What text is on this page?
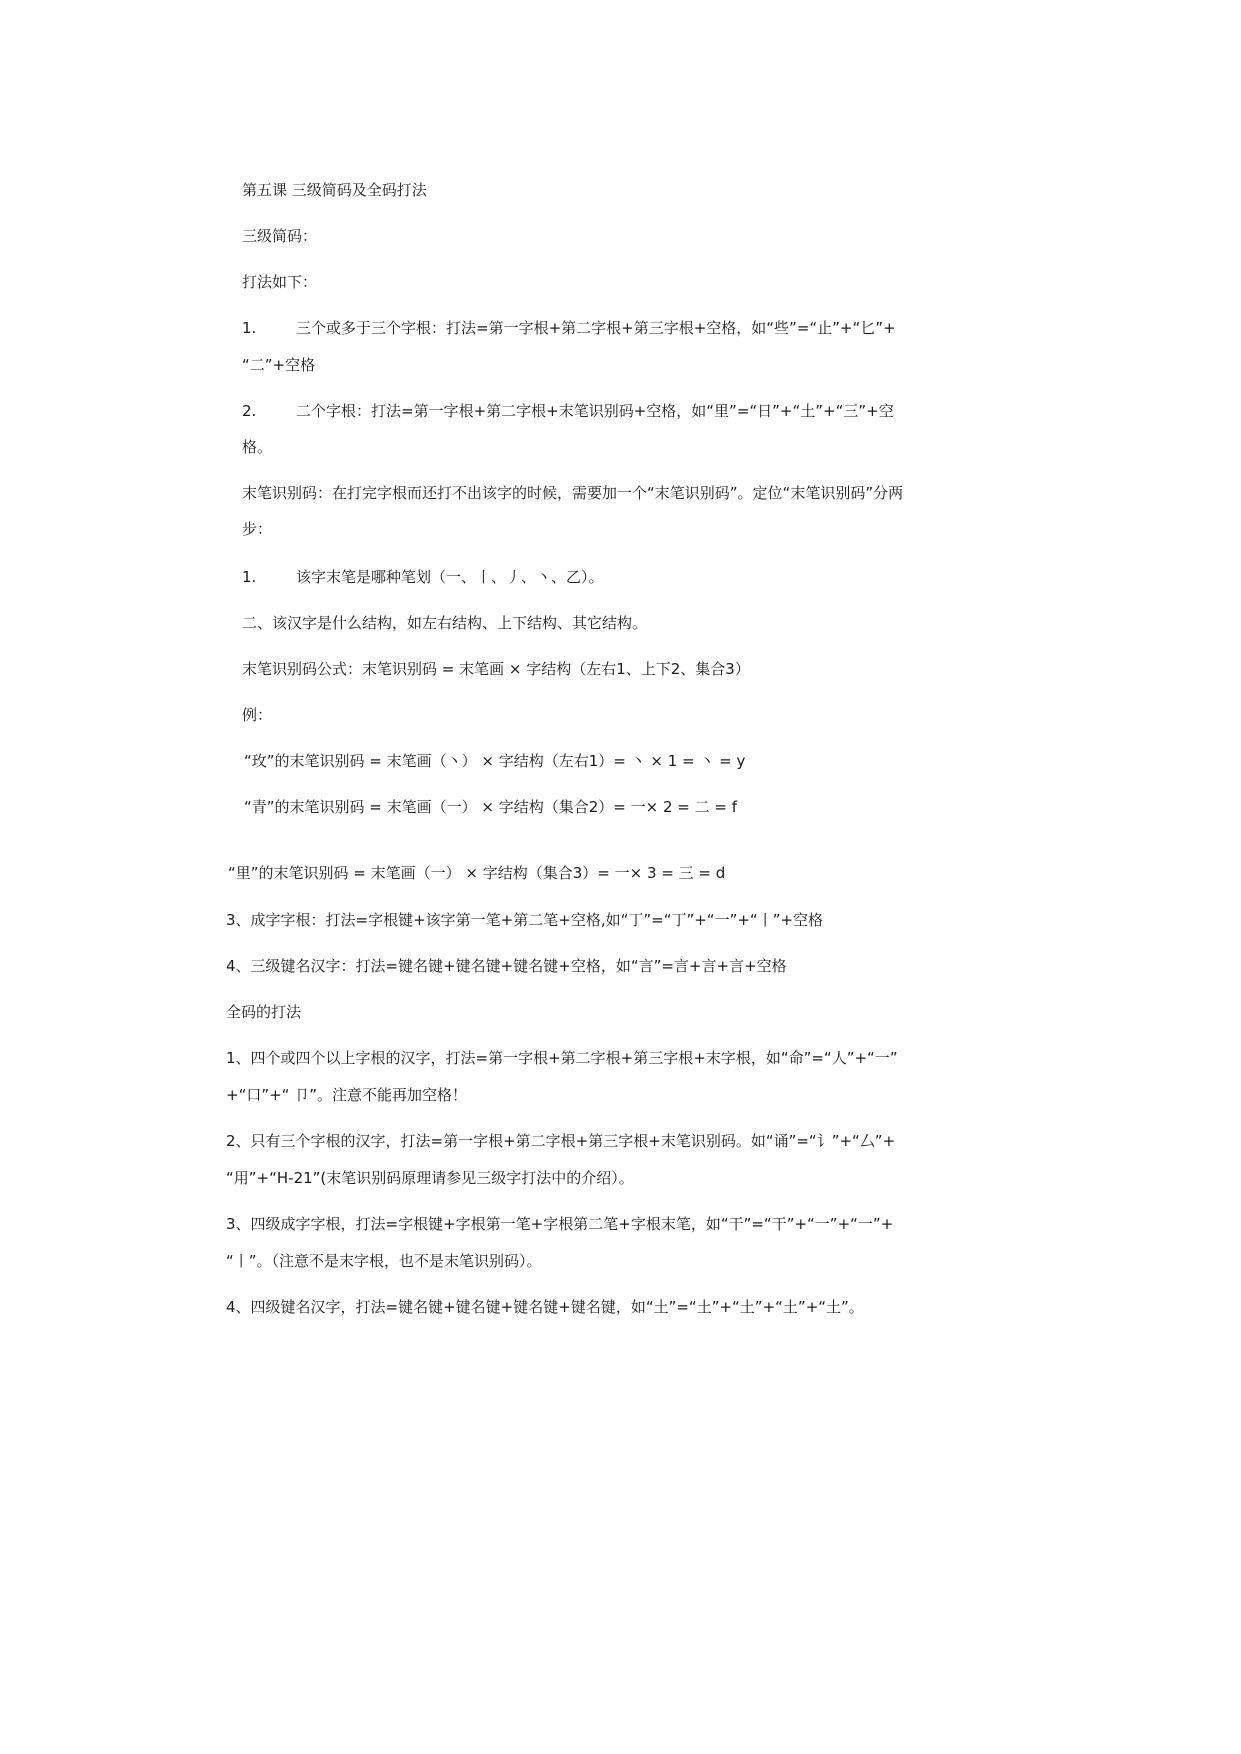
第五课 三级简码及全码打法
三级简码：
打法如下：
1.	三个或多于三个字根：打法=第一字根+第二字根+第三字根+空格，如“些”=“止”+“匕”+
“二”+空格
2.	二个字根：打法=第一字根+第二字根+末笔识别码+空格，如“里”=“日”+“土”+“三”+空
格。
末笔识别码：在打完字根而还打不出该字的时候，需要加一个“末笔识别码”。定位“末笔识别码”分两
步：
1.	该字末笔是哪种笔划（一、丨、丿、丶、乙）。
二、该汉字是什么结构，如左右结构、上下结构、其它结构。
末笔识别码公式：末笔识别码 = 末笔画 × 字结构（左右1、上下2、集合3）
例：
“玫”的末笔识别码 = 末笔画（丶） × 字结构（左右1）= 丶 × 1 = 丶 = y
“青”的末笔识别码 = 末笔画（一） × 字结构（集合2）= 一× 2 = 二 = f
“里”的末笔识别码 = 末笔画（一） × 字结构（集合3）= 一× 3 = 三 = d
3、成字字根：打法=字根键+该字第一笔+第二笔+空格,如“丁”=“丁”+“一”+“丨”+空格
4、三级键名汉字：打法=键名键+键名键+键名键+空格，如“言”=言+言+言+空格
全码的打法
1、四个或四个以上字根的汉字，打法=第一字根+第二字根+第三字根+末字根，如“命”=“人”+“一”
+“口”+“ 卩”。注意不能再加空格！
2、只有三个字根的汉字，打法=第一字根+第二字根+第三字根+末笔识别码。如“诵”=“讠”+“厶”+
“用”+“H-21”(末笔识别码原理请参见三级字打法中的介绍）。
3、四级成字字根，打法=字根键+字根第一笔+字根第二笔+字根末笔，如“干”=“干”+“一”+“一”+
“丨”。（注意不是末字根，也不是末笔识别码）。
4、四级键名汉字，打法=键名键+键名键+键名键+键名键，如“土”=“土”+“土”+“土”+“土”。
